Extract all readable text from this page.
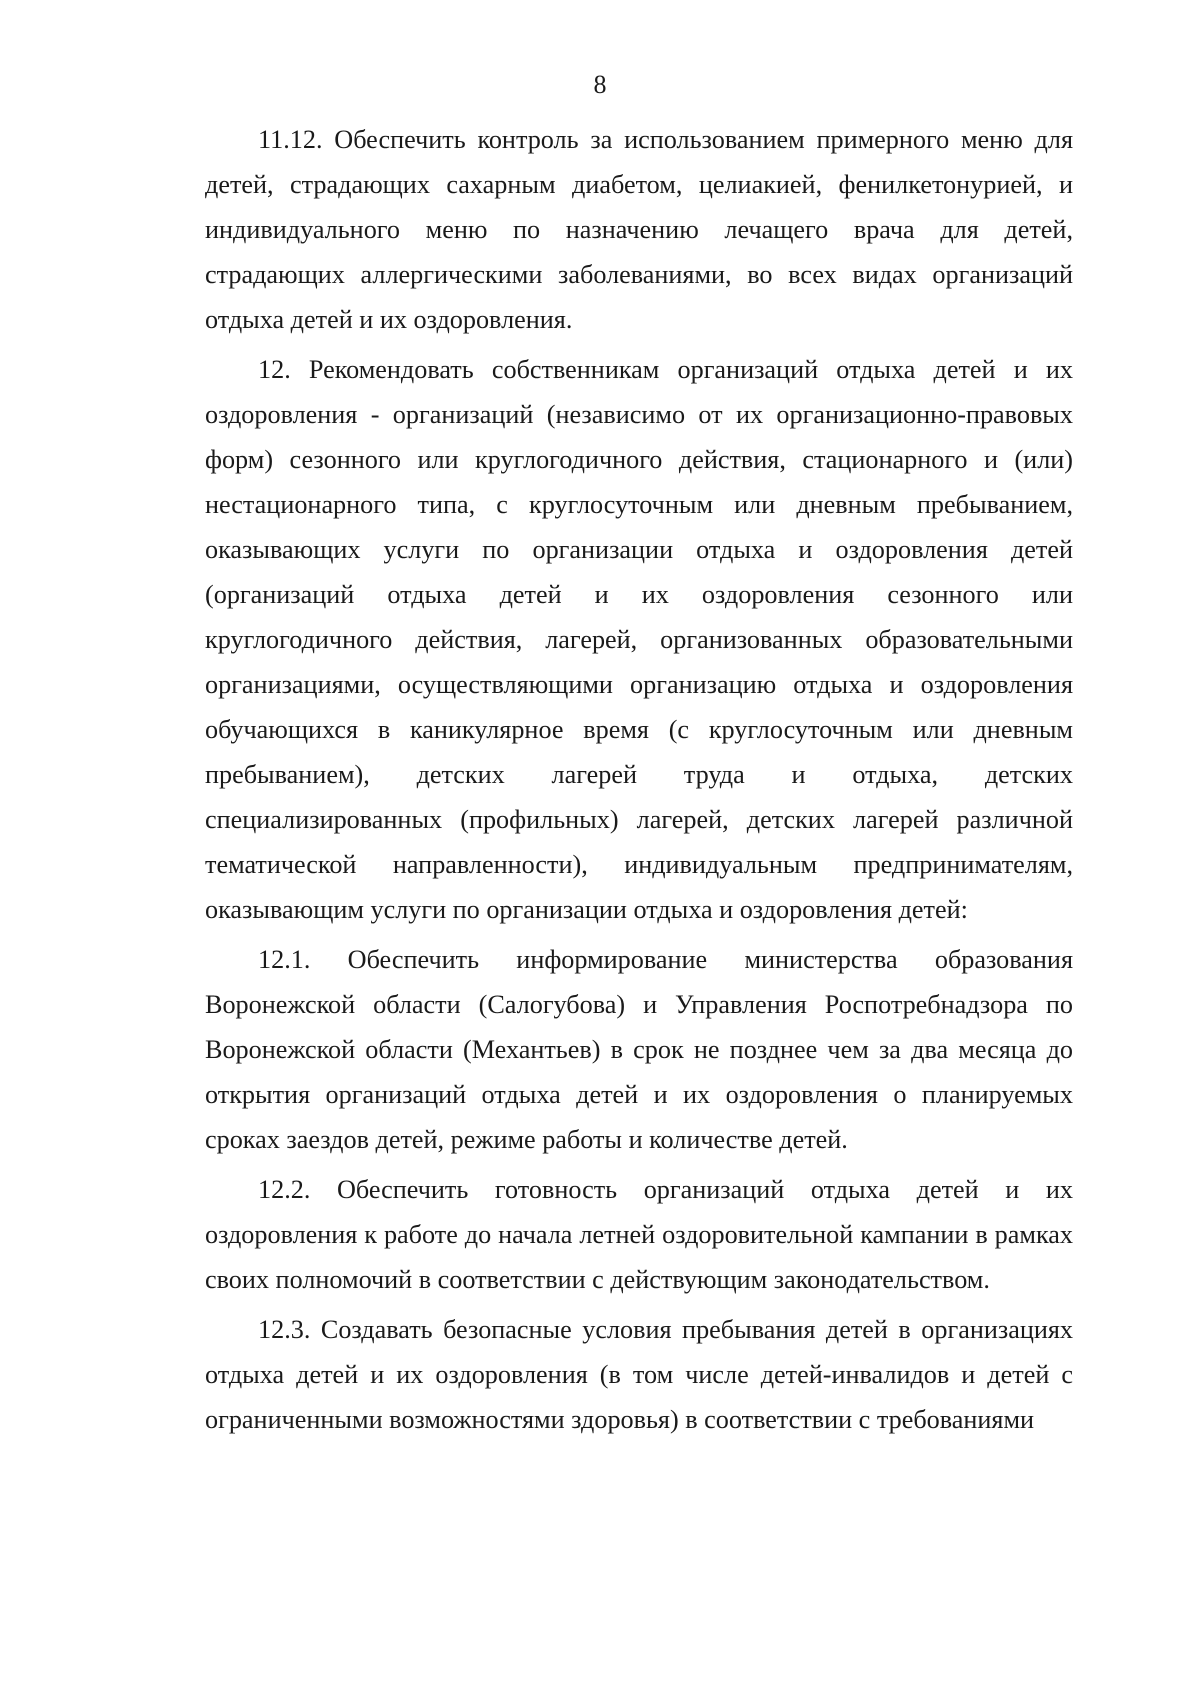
8

11.12. Обеспечить контроль за использованием примерного меню для детей, страдающих сахарным диабетом, целиакией, фенилкетонурией, и индивидуального меню по назначению лечащего врача для детей, страдающих аллергическими заболеваниями, во всех видах организаций отдыха детей и их оздоровления.

12. Рекомендовать собственникам организаций отдыха детей и их оздоровления - организаций (независимо от их организационно-правовых форм) сезонного или круглогодичного действия, стационарного и (или) нестационарного типа, с круглосуточным или дневным пребыванием, оказывающих услуги по организации отдыха и оздоровления детей (организаций отдыха детей и их оздоровления сезонного или круглогодичного действия, лагерей, организованных образовательными организациями, осуществляющими организацию отдыха и оздоровления обучающихся в каникулярное время (с круглосуточным или дневным пребыванием), детских лагерей труда и отдыха, детских специализированных (профильных) лагерей, детских лагерей различной тематической направленности), индивидуальным предпринимателям, оказывающим услуги по организации отдыха и оздоровления детей:

12.1. Обеспечить информирование министерства образования Воронежской области (Салогубова) и Управления Роспотребнадзора по Воронежской области (Механтьев) в срок не позднее чем за два месяца до открытия организаций отдыха детей и их оздоровления о планируемых сроках заездов детей, режиме работы и количестве детей.

12.2. Обеспечить готовность организаций отдыха детей и их оздоровления к работе до начала летней оздоровительной кампании в рамках своих полномочий в соответствии с действующим законодательством.

12.3. Создавать безопасные условия пребывания детей в организациях отдыха детей и их оздоровления (в том числе детей-инвалидов и детей с ограниченными возможностями здоровья) в соответствии с требованиями
